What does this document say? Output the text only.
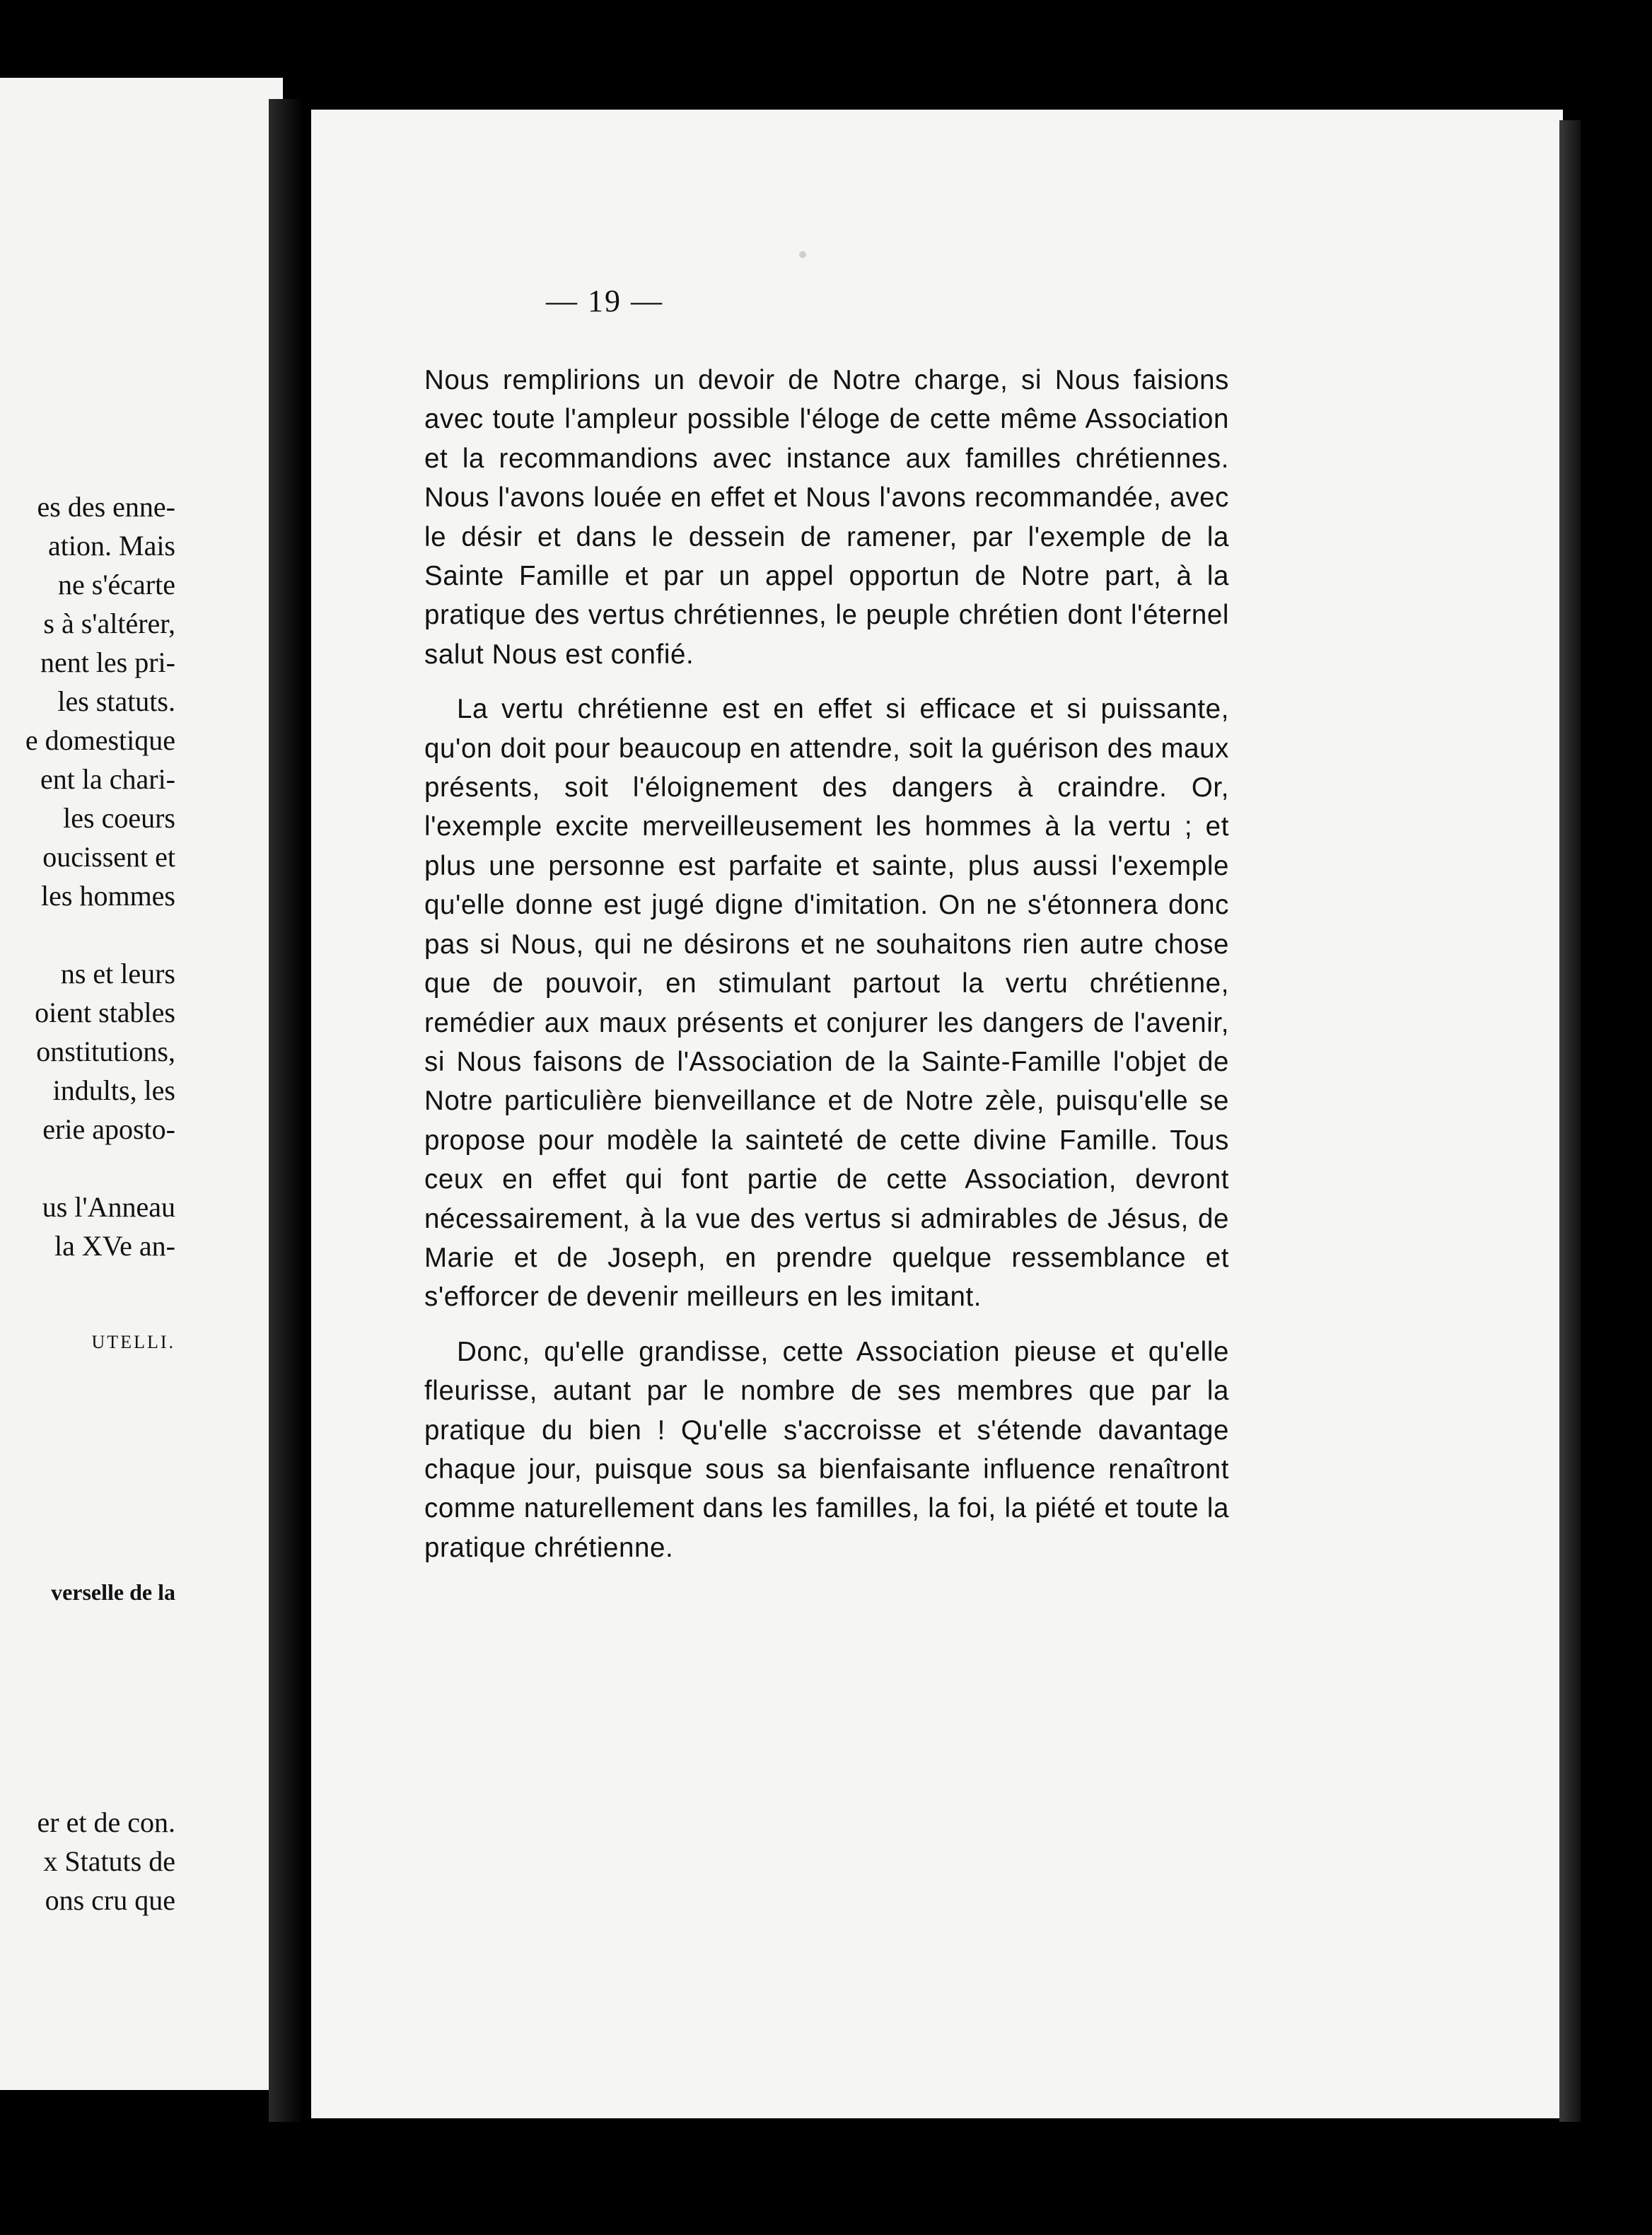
es des enne-
ation. Mais
ne s'écarte
s à s'altérer,
nent les pri-
les statuts.
e domestique
ent la chari-
les coeurs
oucissent et
les hommes
ns et leurs
oient stables
onstitutions,
indults, les
erie aposto-
us l'Anneau
la XVe an-
UTELLI.
verselle de la
er et de con.
x Statuts de
ons cru que
— 19 —

Nous remplirions un devoir de Notre charge, si Nous faisions avec toute l'ampleur possible l'éloge de cette même Association et la recommandions avec instance aux familles chrétiennes. Nous l'avons louée en effet et Nous l'avons recommandée, avec le désir et dans le dessein de ramener, par l'exemple de la Sainte Famille et par un appel opportun de Notre part, à la pratique des vertus chrétiennes, le peuple chrétien dont l'éternel salut Nous est confié.

La vertu chrétienne est en effet si efficace et si puissante, qu'on doit pour beaucoup en attendre, soit la guérison des maux présents, soit l'éloignement des dangers à craindre. Or, l'exemple excite merveilleusement les hommes à la vertu ; et plus une personne est parfaite et sainte, plus aussi l'exemple qu'elle donne est jugé digne d'imitation. On ne s'étonnera donc pas si Nous, qui ne désirons et ne souhaitons rien autre chose que de pouvoir, en stimulant partout la vertu chrétienne, remédier aux maux présents et conjurer les dangers de l'avenir, si Nous faisons de l'Association de la Sainte-Famille l'objet de Notre particulière bienveillance et de Notre zèle, puisqu'elle se propose pour modèle la sainteté de cette divine Famille. Tous ceux en effet qui font partie de cette Association, devront nécessairement, à la vue des vertus si admirables de Jésus, de Marie et de Joseph, en prendre quelque ressemblance et s'efforcer de devenir meilleurs en les imitant.

Donc, qu'elle grandisse, cette Association pieuse et qu'elle fleurisse, autant par le nombre de ses membres que par la pratique du bien ! Qu'elle s'accroisse et s'étende davantage chaque jour, puisque sous sa bienfaisante influence renaîtront comme naturellement dans les familles, la foi, la piété et toute la pratique chrétienne.
